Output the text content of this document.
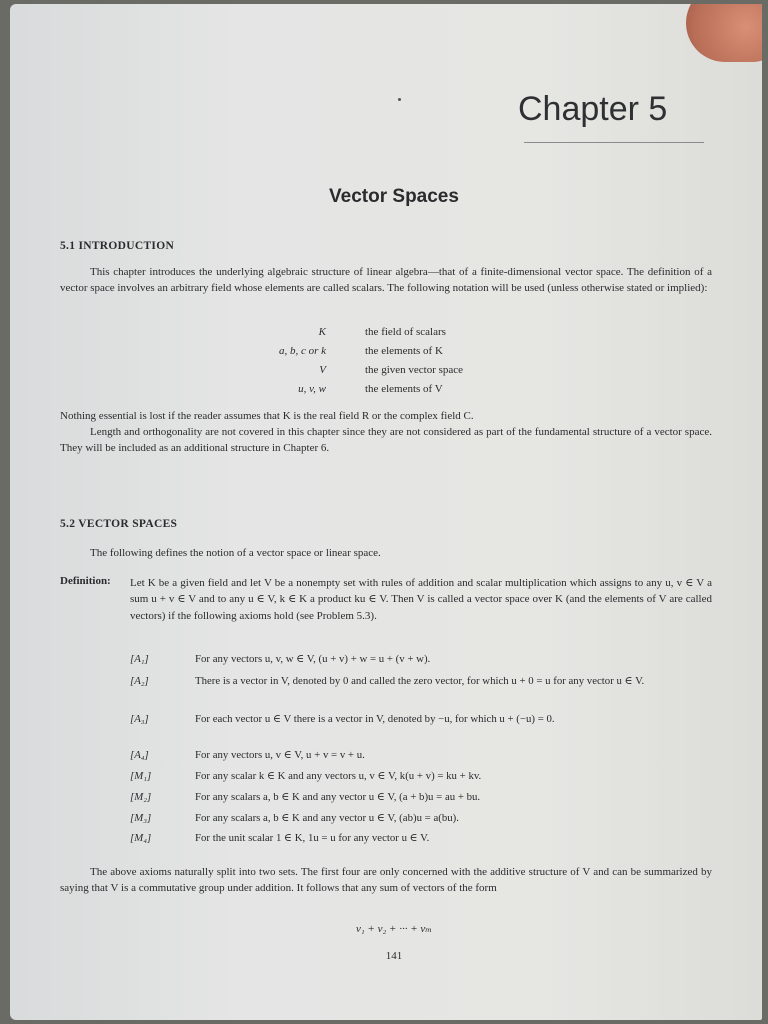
Chapter 5
Vector Spaces
5.1 INTRODUCTION
This chapter introduces the underlying algebraic structure of linear algebra—that of a finite-dimensional vector space. The definition of a vector space involves an arbitrary field whose elements are called scalars. The following notation will be used (unless otherwise stated or implied):
K	the field of scalars
a, b, c or k	the elements of K
V	the given vector space
u, v, w	the elements of V
Nothing essential is lost if the reader assumes that K is the real field R or the complex field C.
Length and orthogonality are not covered in this chapter since they are not considered as part of the fundamental structure of a vector space. They will be included as an additional structure in Chapter 6.
5.2 VECTOR SPACES
The following defines the notion of a vector space or linear space.
Definition: Let K be a given field and let V be a nonempty set with rules of addition and scalar multiplication which assigns to any u, v ∈ V a sum u + v ∈ V and to any u ∈ V, k ∈ K a product ku ∈ V. Then V is called a vector space over K (and the elements of V are called vectors) if the following axioms hold (see Problem 5.3).
[A₁]	For any vectors u, v, w ∈ V, (u + v) + w = u + (v + w).
[A₂]	There is a vector in V, denoted by 0 and called the zero vector, for which u + 0 = u for any vector u ∈ V.
[A₃]	For each vector u ∈ V there is a vector in V, denoted by −u, for which u + (−u) = 0.
[A₄]	For any vectors u, v ∈ V, u + v = v + u.
[M₁]	For any scalar k ∈ K and any vectors u, v ∈ V, k(u + v) = ku + kv.
[M₂]	For any scalars a, b ∈ K and any vector u ∈ V, (a + b)u = au + bu.
[M₃]	For any scalars a, b ∈ K and any vector u ∈ V, (ab)u = a(bu).
[M₄]	For the unit scalar 1 ∈ K, 1u = u for any vector u ∈ V.
The above axioms naturally split into two sets. The first four are only concerned with the additive structure of V and can be summarized by saying that V is a commutative group under addition. It follows that any sum of vectors of the form
v₁ + v₂ + ··· + vₘ
141
